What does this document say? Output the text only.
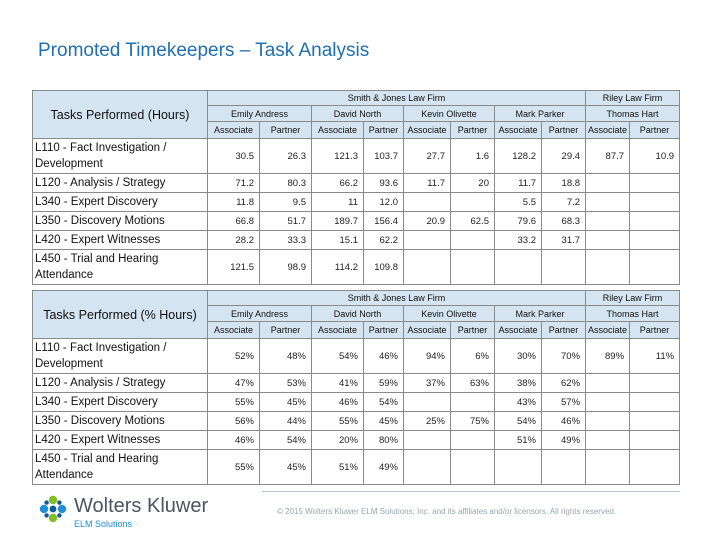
Promoted Timekeepers – Task Analysis
Tasks Performed (Hours)	Smith & Jones Law Firm								Riley Law Firm	
	Emily Andress		David North		Kevin Olivette		Mark Parker		Thomas Hart	
	Associate	Partner	Associate	Partner	Associate	Partner	Associate	Partner	Associate	Partner
L110 - Fact Investigation / Development	30.5	26.3	121.3	103.7	27.7	1.6	128.2	29.4	87.7	10.9
L120 - Analysis / Strategy	71.2	80.3	66.2	93.6	11.7	20	11.7	18.8		
L340 - Expert Discovery	11.8	9.5	11	12.0			5.5	7.2		
L350 - Discovery Motions	66.8	51.7	189.7	156.4	20.9	62.5	79.6	68.3		
L420 - Expert Witnesses	28.2	33.3	15.1	62.2			33.2	31.7		
L450 - Trial and Hearing Attendance	121.5	98.9	114.2	109.8						
Tasks Performed (% Hours)	Smith & Jones Law Firm								Riley Law Firm	
	Emily Andress		David North		Kevin Olivette		Mark Parker		Thomas Hart	
	Associate	Partner	Associate	Partner	Associate	Partner	Associate	Partner	Associate	Partner
L110 - Fact Investigation / Development	52%	48%	54%	46%	94%	6%	30%	70%	89%	11%
L120 - Analysis / Strategy	47%	53%	41%	59%	37%	63%	38%	62%		
L340 - Expert Discovery	55%	45%	46%	54%			43%	57%		
L350 - Discovery Motions	56%	44%	55%	45%	25%	75%	54%	46%		
L420 - Expert Witnesses	46%	54%	20%	80%			51%	49%		
L450 - Trial and Hearing Attendance	55%	45%	51%	49%						
Wolters Kluwer
ELM Solutions
© 2015 Wolters Kluwer ELM Solutions, Inc. and its affiliates and/or licensors. All rights reserved.
